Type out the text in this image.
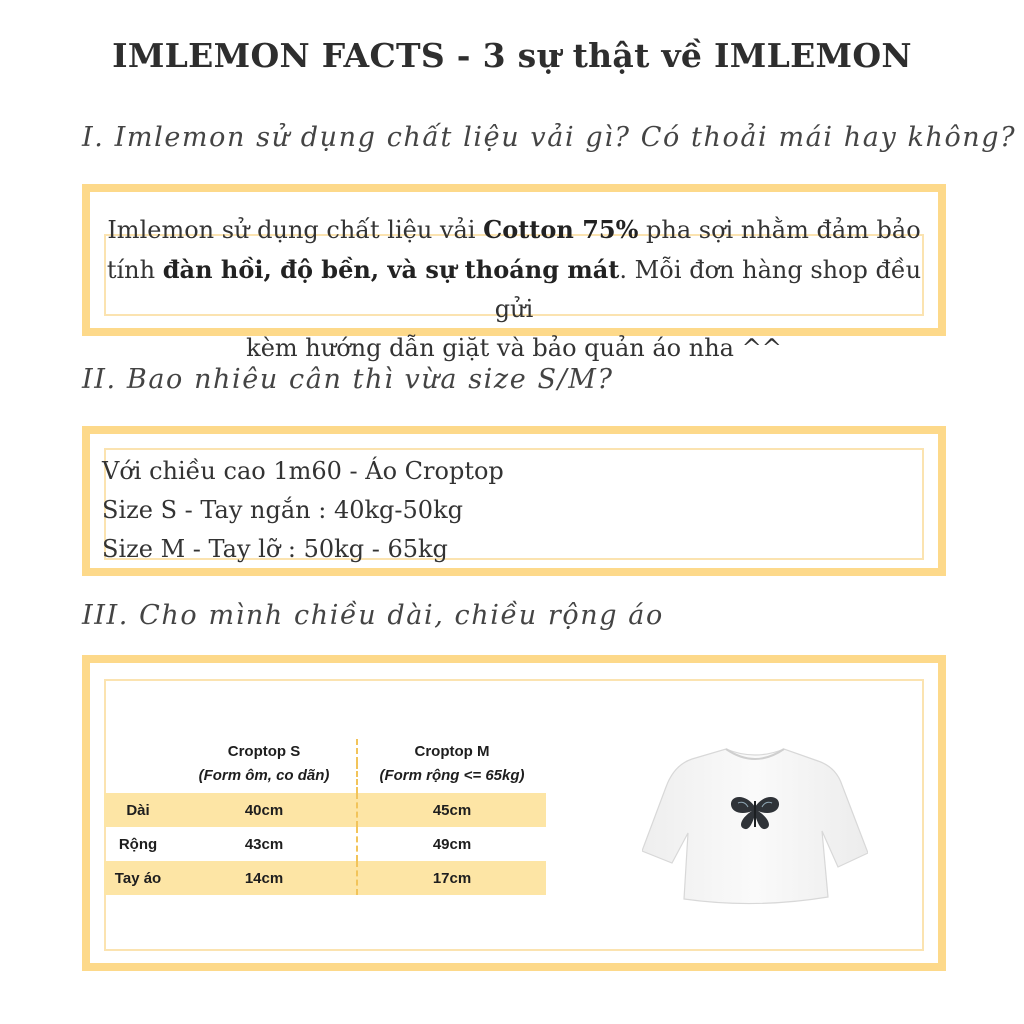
IMLEMON FACTS - 3 sự thật về IMLEMON
I. Imlemon sử dụng chất liệu vải gì? Có thoải mái hay không?
Imlemon sử dụng chất liệu vải Cotton 75% pha sợi nhằm đảm bảo
tính đàn hồi, độ bền, và sự thoáng mát. Mỗi đơn hàng shop đều gửi
kèm hướng dẫn giặt và bảo quản áo nha ^^
II. Bao nhiêu cân thì vừa size S/M?
Với chiều cao 1m60 - Áo Croptop
Size S - Tay ngắn : 40kg-50kg
Size M - Tay lỡ : 50kg - 65kg
III. Cho mình chiều dài, chiều rộng áo
	Croptop S	Croptop M
	(Form ôm, co dãn)	(Form rộng <= 65kg)
Dài	40cm	45cm
Rộng	43cm	49cm
Tay áo	14cm	17cm
